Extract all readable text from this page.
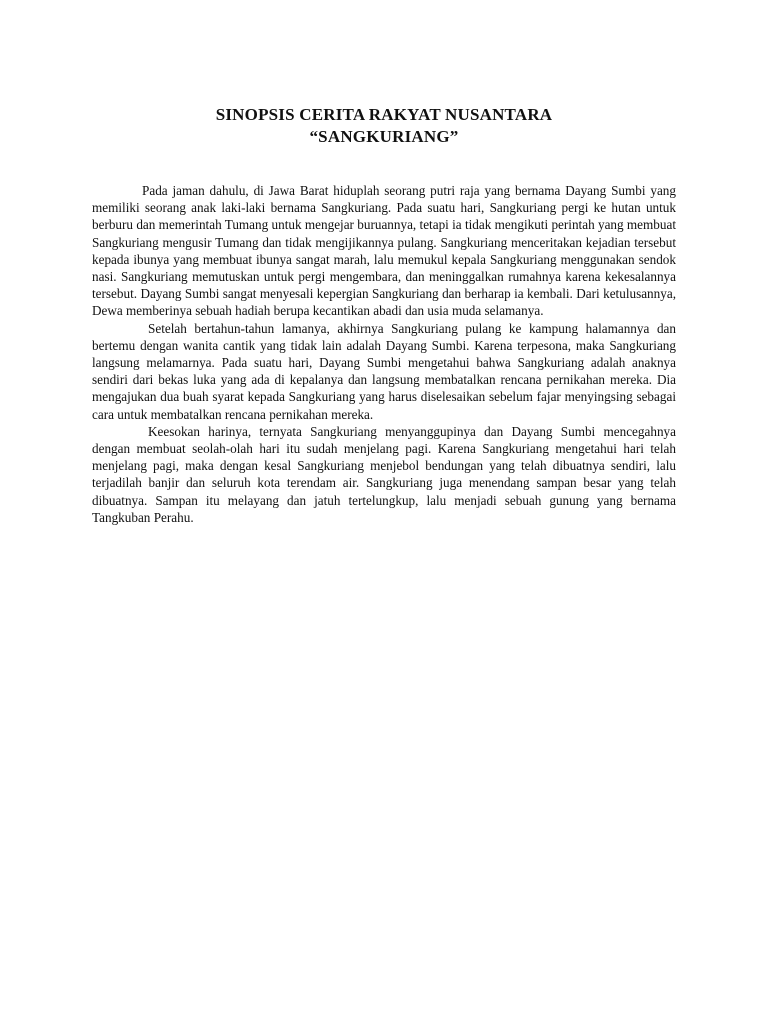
SINOPSIS CERITA RAKYAT NUSANTARA
“SANGKURIANG”

Pada jaman dahulu, di Jawa Barat hiduplah seorang putri raja yang bernama Dayang Sumbi yang memiliki seorang anak laki-laki bernama Sangkuriang. Pada suatu hari, Sangkuriang pergi ke hutan untuk berburu dan memerintah Tumang untuk mengejar buruannya, tetapi ia tidak mengikuti perintah yang membuat Sangkuriang mengusir Tumang dan tidak mengijikannya pulang. Sangkuriang menceritakan kejadian tersebut kepada ibunya yang membuat ibunya sangat marah, lalu memukul kepala Sangkuriang menggunakan sendok nasi. Sangkuriang memutuskan untuk pergi mengembara, dan meninggalkan rumahnya karena kekesalannya tersebut. Dayang Sumbi sangat menyesali kepergian Sangkuriang dan berharap ia kembali. Dari ketulusannya, Dewa memberinya sebuah hadiah berupa kecantikan abadi dan usia muda selamanya.

Setelah bertahun-tahun lamanya, akhirnya Sangkuriang pulang ke kampung halamannya dan bertemu dengan wanita cantik yang tidak lain adalah Dayang Sumbi. Karena terpesona, maka Sangkuriang langsung melamarnya. Pada suatu hari, Dayang Sumbi mengetahui bahwa Sangkuriang adalah anaknya sendiri dari bekas luka yang ada di kepalanya dan langsung membatalkan rencana pernikahan mereka. Dia mengajukan dua buah syarat kepada Sangkuriang yang harus diselesaikan sebelum fajar menyingsing sebagai cara untuk membatalkan rencana pernikahan mereka.

Keesokan harinya, ternyata Sangkuriang menyanggupinya dan Dayang Sumbi mencegahnya dengan membuat seolah-olah hari itu sudah menjelang pagi. Karena Sangkuriang mengetahui hari telah menjelang pagi, maka dengan kesal Sangkuriang menjebol bendungan yang telah dibuatnya sendiri, lalu terjadilah banjir dan seluruh kota terendam air. Sangkuriang juga menendang sampan besar yang telah dibuatnya. Sampan itu melayang dan jatuh tertelungkup, lalu menjadi sebuah gunung yang bernama Tangkuban Perahu.
